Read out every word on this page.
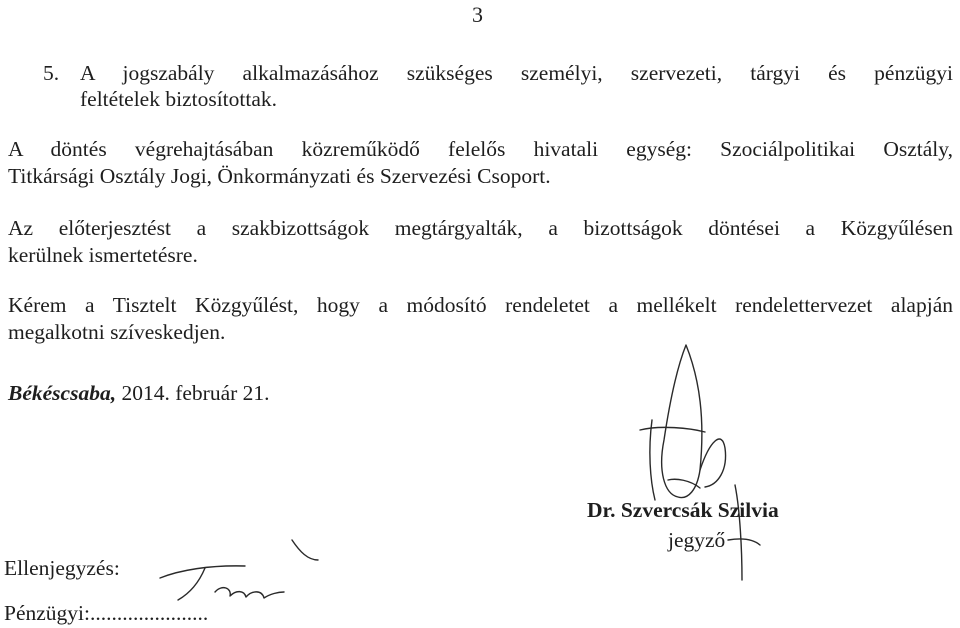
3
5. A jogszabály alkalmazásához szükséges személyi, szervezeti, tárgyi és pénzügyi
feltételek biztosítottak.
A döntés végrehajtásában közreműködő felelős hivatali egység: Szociálpolitikai Osztály,
Titkársági Osztály Jogi, Önkormányzati és Szervezési Csoport.
Az előterjesztést a szakbizottságok megtárgyalták, a bizottságok döntései a Közgyűlésen
kerülnek ismertetésre.
Kérem a Tisztelt Közgyűlést, hogy a módosító rendeletet a mellékelt rendelettervezet alapján
megalkotni szíveskedjen.
Békéscsaba, 2014. február 21.
Dr. Szvercsák Szilvia
jegyző
Ellenjegyzés:
Pénzügyi:......................
